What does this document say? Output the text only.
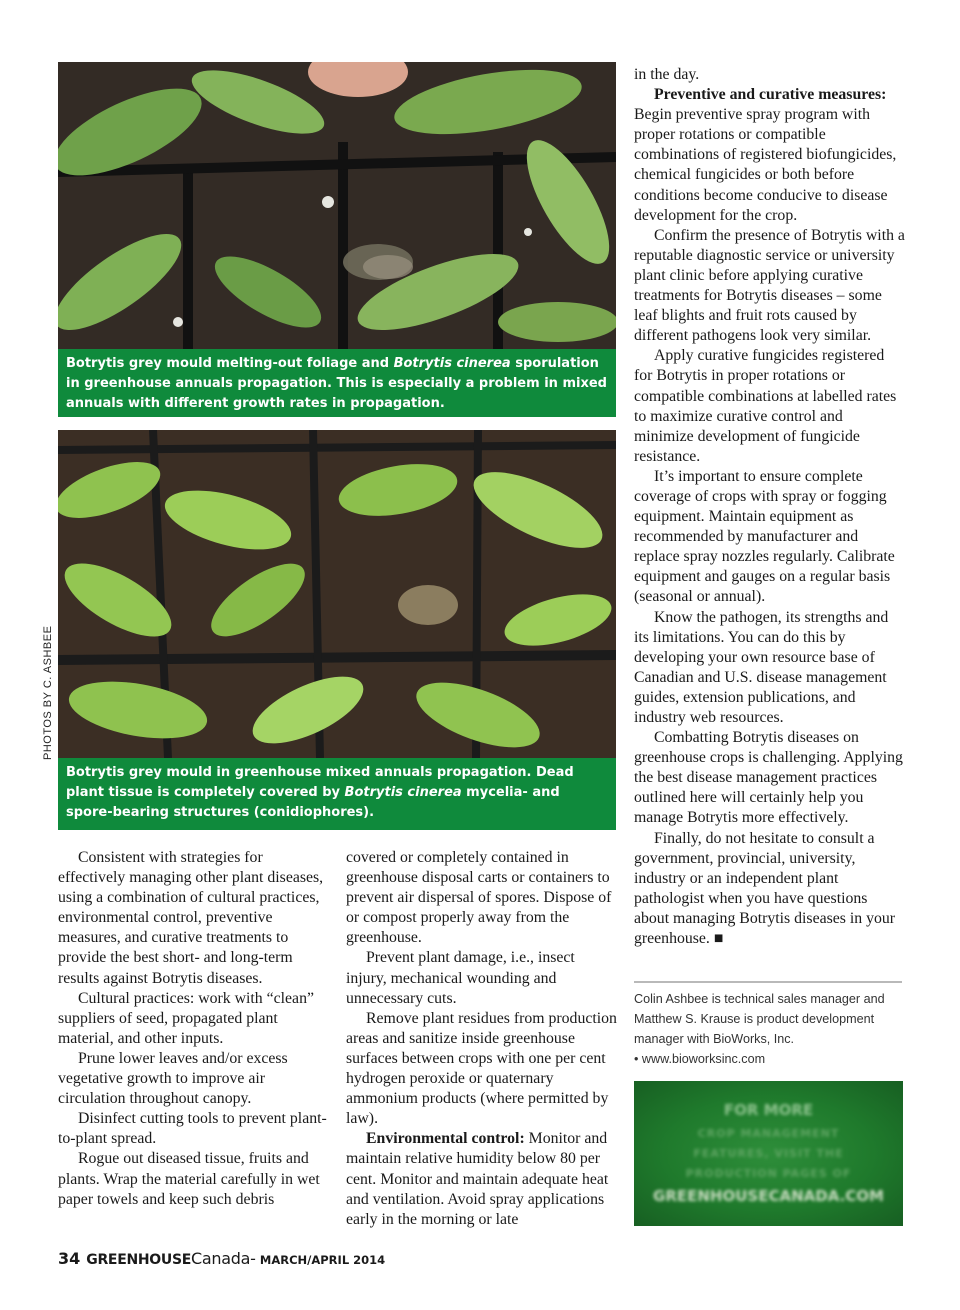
Botrytis grey mould melting-out foliage and Botrytis cinerea sporulation in greenhouse annuals propagation. This is especially a problem in mixed annuals with different growth rates in propagation.
Botrytis grey mould in greenhouse mixed annuals propagation. Dead plant tissue is completely covered by Botrytis cinerea mycelia- and spore-bearing structures (conidiophores).
PHOTOS BY C. ASHBEE

Consistent with strategies for effectively managing other plant diseases, using a combination of cultural practices, environmental control, preventive measures, and curative treatments to provide the best short- and long-term results against Botrytis diseases.

Cultural practices: work with “clean” suppliers of seed, propagated plant material, and other inputs.

Prune lower leaves and/or excess vegetative growth to improve air circulation throughout canopy.

Disinfect cutting tools to prevent plant-to-plant spread.

Rogue out diseased tissue, fruits and plants. Wrap the material carefully in wet paper towels and keep such debris

covered or completely contained in greenhouse disposal carts or containers to prevent air dispersal of spores. Dispose of or compost properly away from the greenhouse.

Prevent plant damage, i.e., insect injury, mechanical wounding and unnecessary cuts.

Remove plant residues from production areas and sanitize inside greenhouse surfaces between crops with one per cent hydrogen peroxide or quaternary ammonium products (where permitted by law).

Environmental control: Monitor and maintain relative humidity below 80 per cent. Monitor and maintain adequate heat and ventilation. Avoid spray applications early in the morning or late

in the day.

Preventive and curative measures: Begin preventive spray program with proper rotations or compatible combinations of registered biofungicides, chemical fungicides or both before conditions become conducive to disease development for the crop.

Confirm the presence of Botrytis with a reputable diagnostic service or university plant clinic before applying curative treatments for Botrytis diseases – some leaf blights and fruit rots caused by different pathogens look very similar.

Apply curative fungicides registered for Botrytis in proper rotations or compatible combinations at labelled rates to maximize curative control and minimize development of fungicide resistance.

It’s important to ensure complete coverage of crops with spray or fogging equipment. Maintain equipment as recommended by manufacturer and replace spray nozzles regularly. Calibrate equipment and gauges on a regular basis (seasonal or annual).

Know the pathogen, its strengths and its limitations. You can do this by developing your own resource base of Canadian and U.S. disease management guides, extension publications, and industry web resources.

Combatting Botrytis diseases on greenhouse crops is challenging. Applying the best disease management practices outlined here will certainly help you manage Botrytis more effectively.

Finally, do not hesitate to consult a government, provincial, university, industry or an independent plant pathologist when you have questions about managing Botrytis diseases in your greenhouse. ■

Colin Ashbee is technical sales manager and Matthew S. Krause is product development manager with BioWorks, Inc.

• www.bioworksinc.com

FOR MORE
CROP MANAGEMENT
FEATURES, VISIT THE
PRODUCTION PAGES OF
GREENHOUSECANADA.COM
34 GREENHOUSECanada- MARCH/APRIL 2014
